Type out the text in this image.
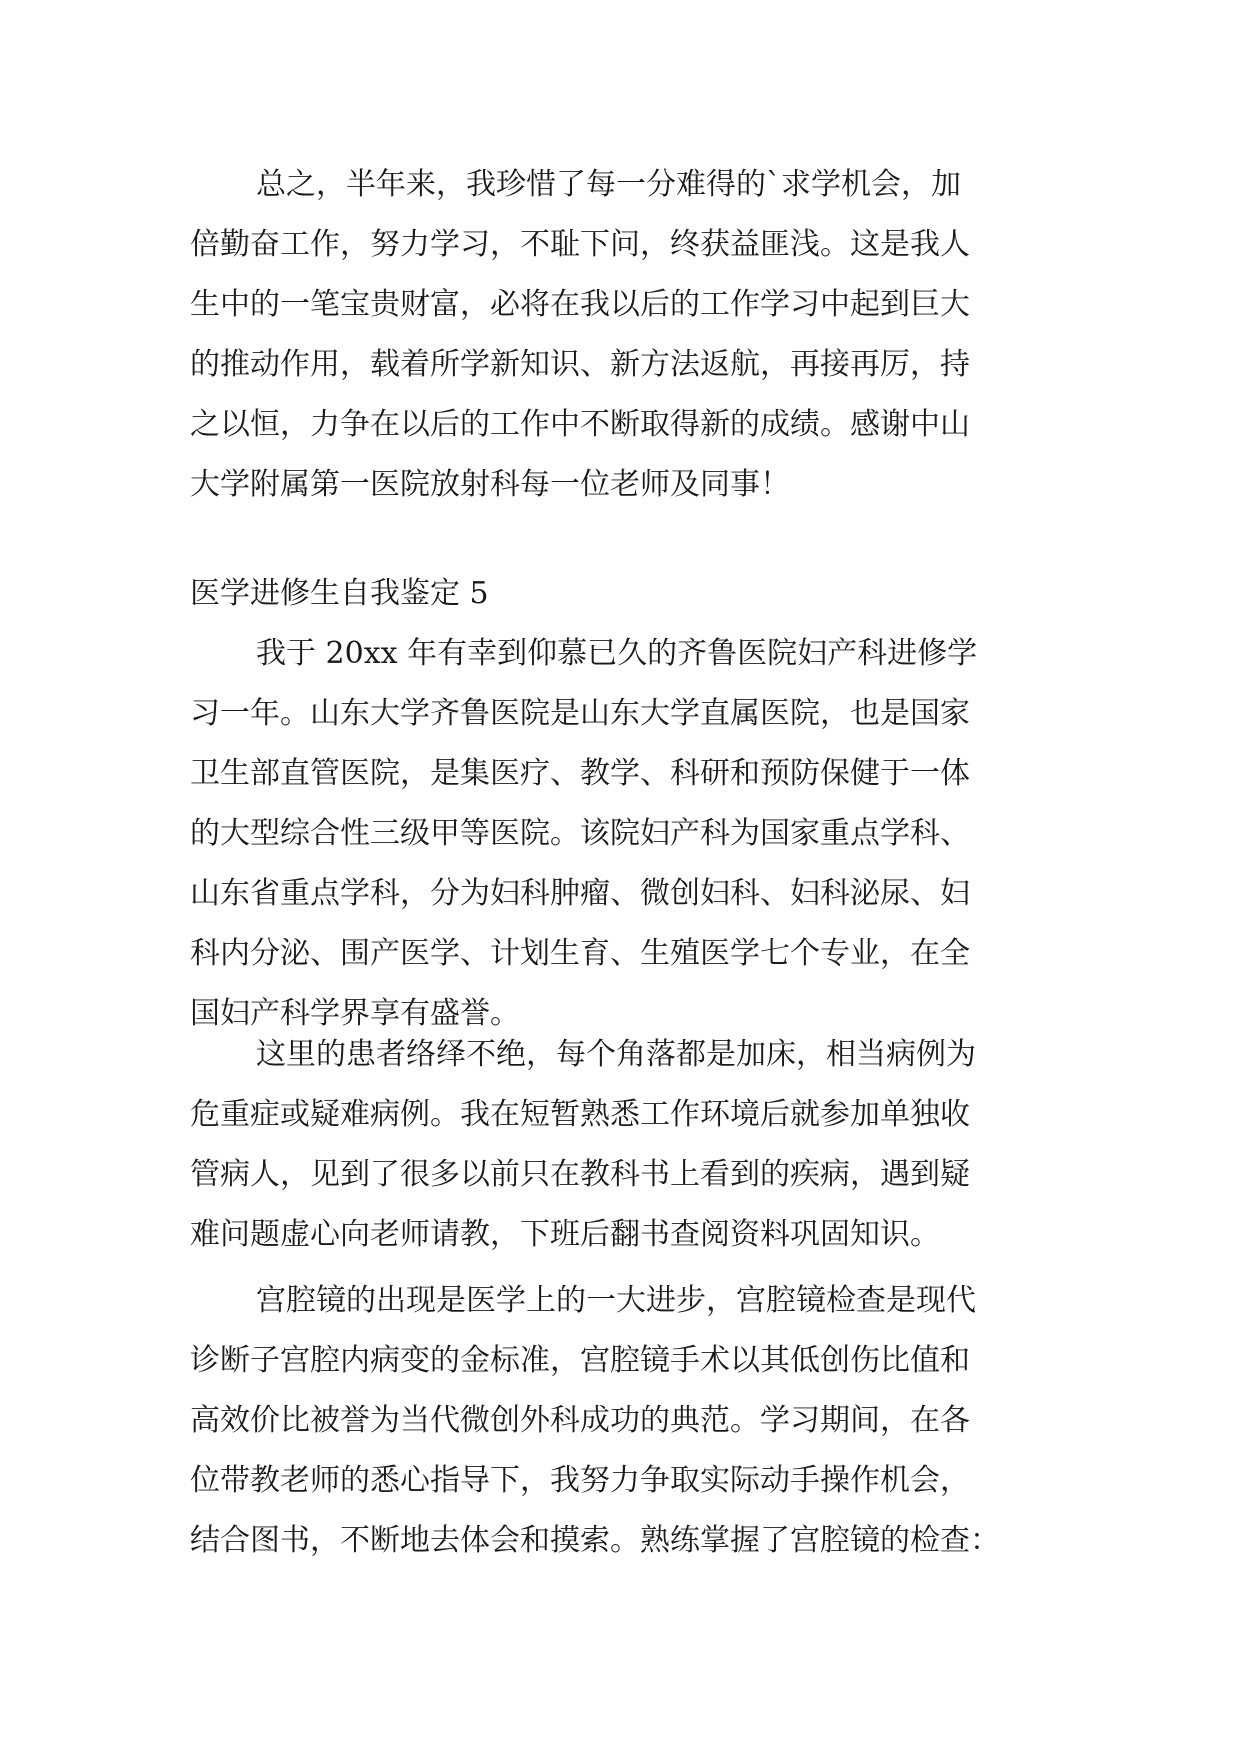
总之，半年来，我珍惜了每一分难得的`求学机会，加
倍勤奋工作，努力学习，不耻下问，终获益匪浅。这是我人
生中的一笔宝贵财富，必将在我以后的工作学习中起到巨大
的推动作用，载着所学新知识、新方法返航，再接再厉，持
之以恒，力争在以后的工作中不断取得新的成绩。感谢中山
大学附属第一医院放射科每一位老师及同事！
医学进修生自我鉴定 5
我于 20xx 年有幸到仰慕已久的齐鲁医院妇产科进修学
习一年。山东大学齐鲁医院是山东大学直属医院，也是国家
卫生部直管医院，是集医疗、教学、科研和预防保健于一体
的大型综合性三级甲等医院。该院妇产科为国家重点学科、
山东省重点学科，分为妇科肿瘤、微创妇科、妇科泌尿、妇
科内分泌、围产医学、计划生育、生殖医学七个专业，在全
国妇产科学界享有盛誉。
这里的患者络绎不绝，每个角落都是加床，相当病例为
危重症或疑难病例。我在短暂熟悉工作环境后就参加单独收
管病人，见到了很多以前只在教科书上看到的疾病，遇到疑
难问题虚心向老师请教，下班后翻书查阅资料巩固知识。
宫腔镜的出现是医学上的一大进步，宫腔镜检查是现代
诊断子宫腔内病变的金标准，宫腔镜手术以其低创伤比值和
高效价比被誉为当代微创外科成功的典范。学习期间，在各
位带教老师的悉心指导下，我努力争取实际动手操作机会，
结合图书，不断地去体会和摸索。熟练掌握了宫腔镜的检查：
